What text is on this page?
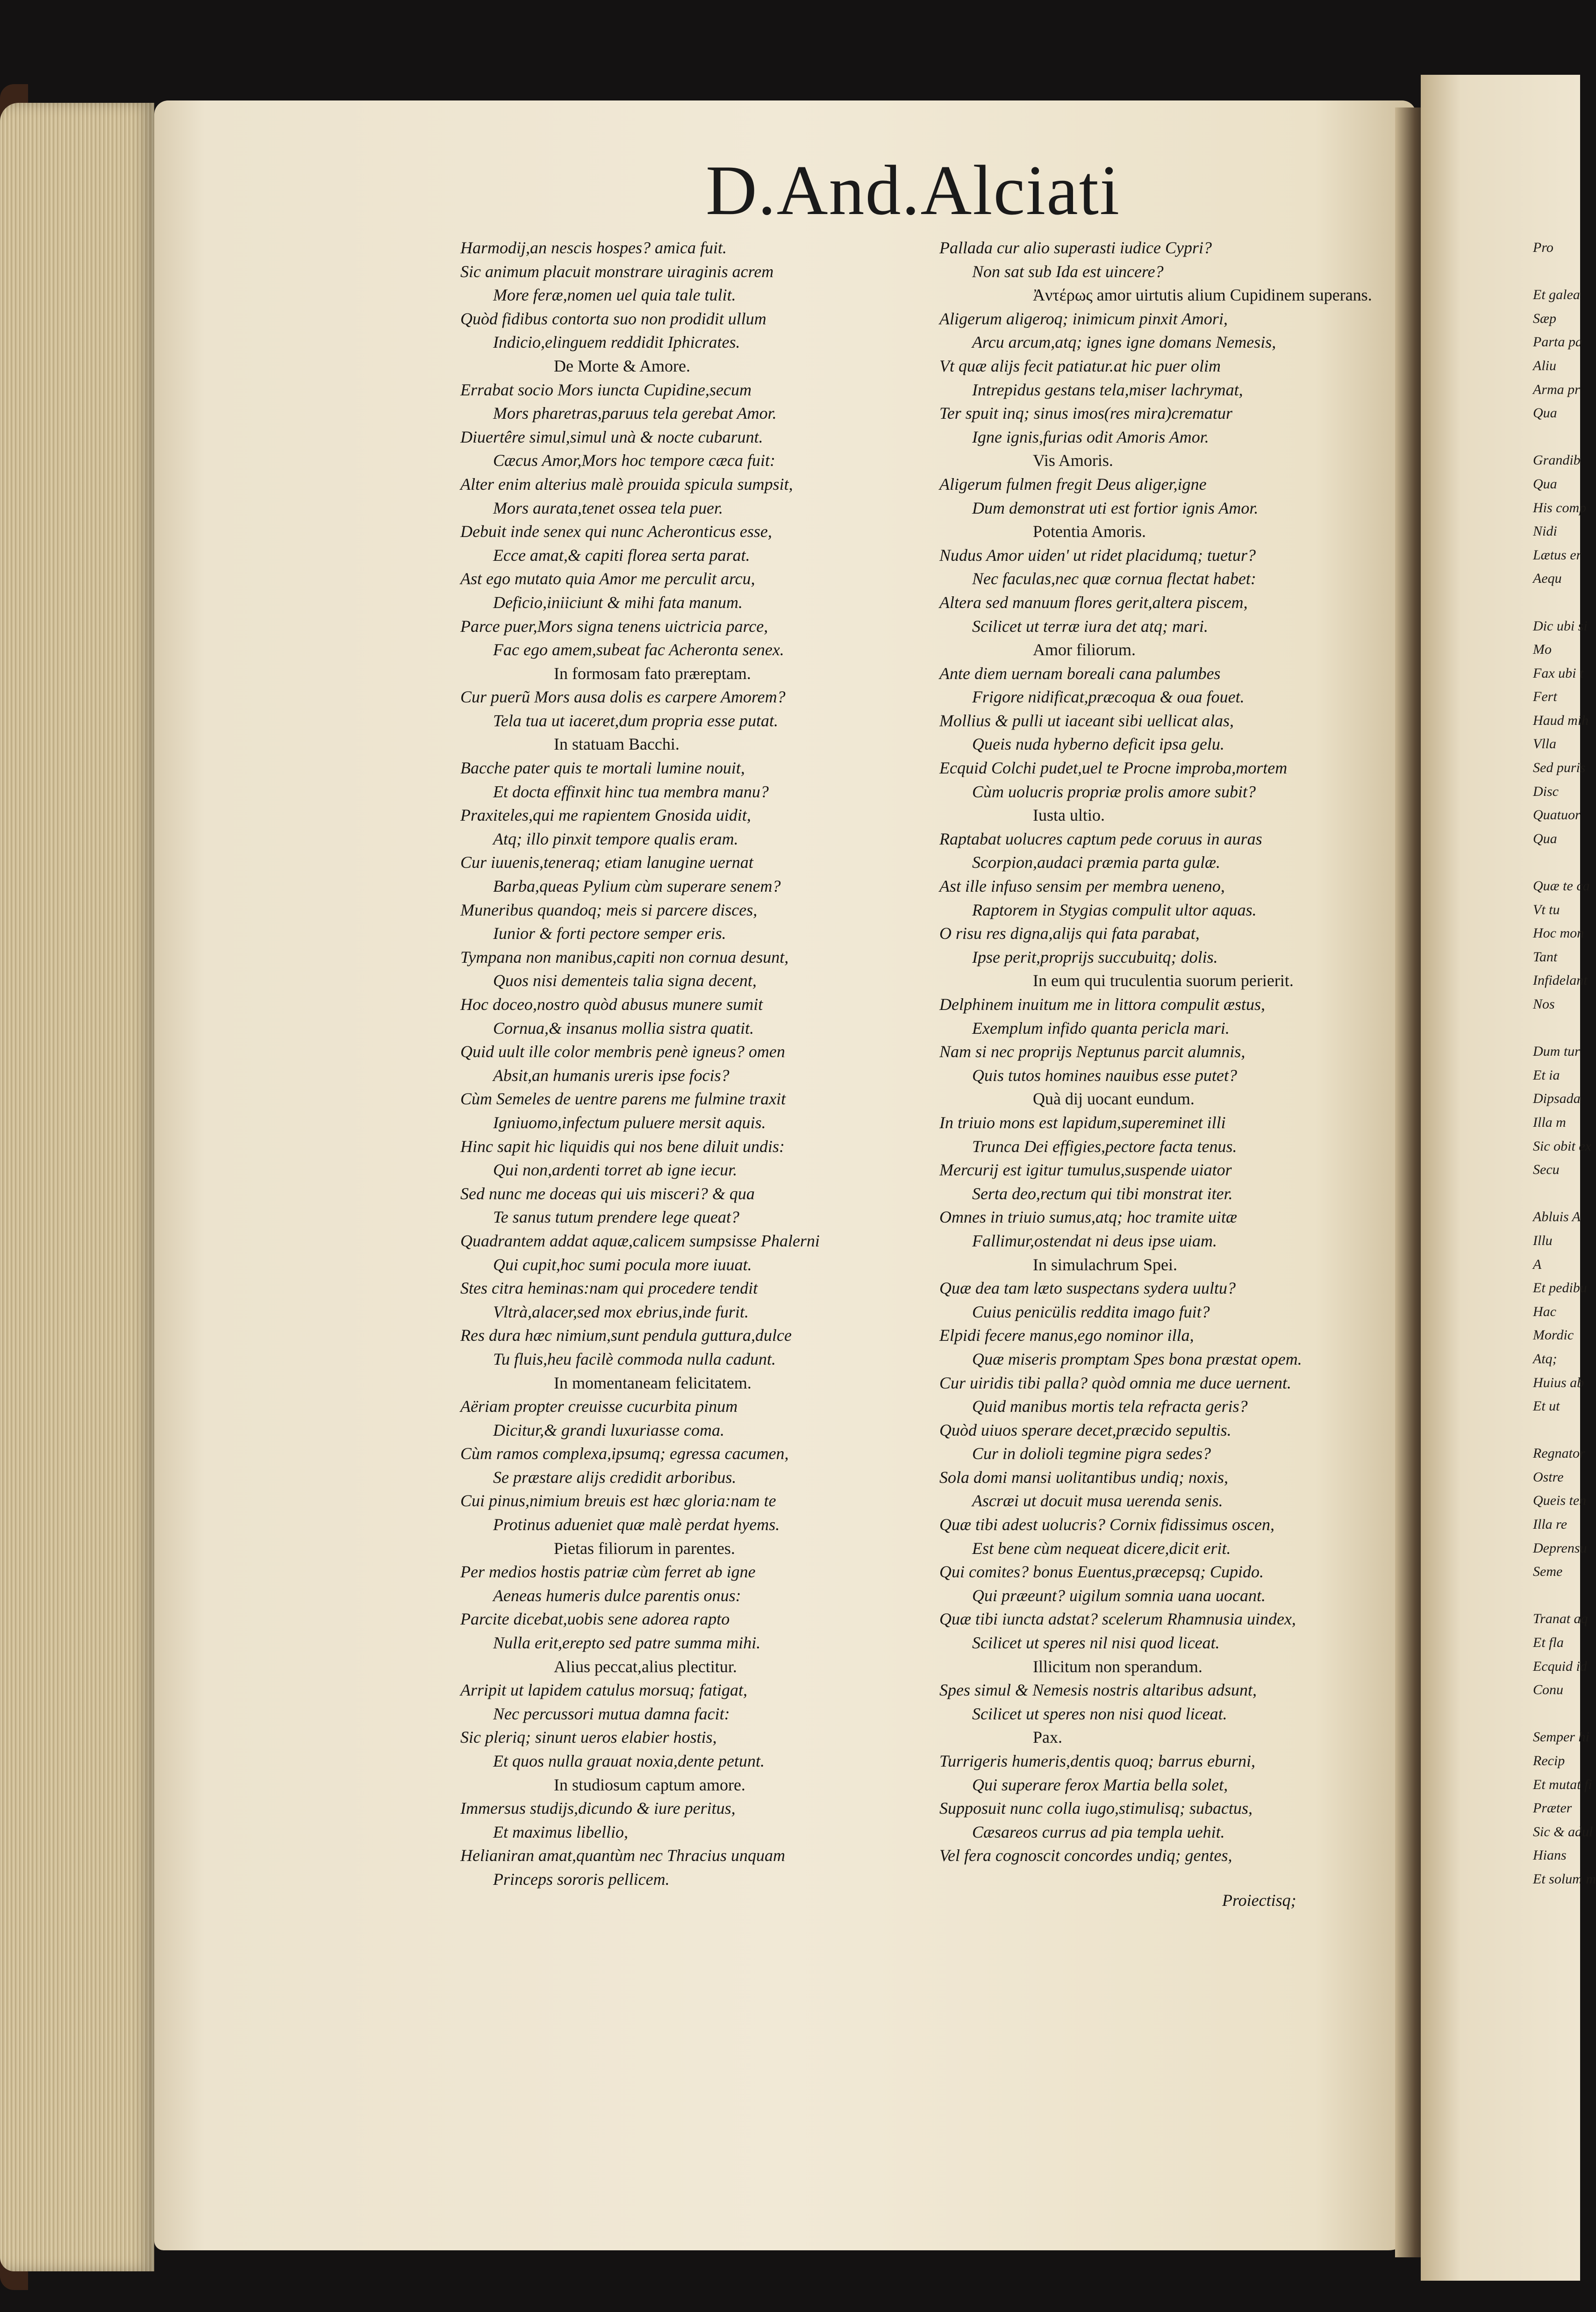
D.And.Alciati
Harmodij,an nescis hospes? amica fuit.
Sic animum placuit monstrare uiraginis acrem
More feræ,nomen uel quia tale tulit.
Quòd fidibus contorta suo non prodidit ullum
Indicio,elinguem reddidit Iphicrates.
De Morte & Amore.
Errabat socio Mors iuncta Cupidine,secum
Mors pharetras,paruus tela gerebat Amor.
Diuertêre simul,simul unà & nocte cubarunt.
Cæcus Amor,Mors hoc tempore cæca fuit:
Alter enim alterius malè prouida spicula sumpsit,
Mors aurata,tenet ossea tela puer.
Debuit inde senex qui nunc Acheronticus esse,
Ecce amat,& capiti florea serta parat.
Ast ego mutato quia Amor me perculit arcu,
Deficio,iniiciunt & mihi fata manum.
Parce puer,Mors signa tenens uictricia parce,
Fac ego amem,subeat fac Acheronta senex.
In formosam fato præreptam.
Cur puerũ Mors ausa dolis es carpere Amorem?
Tela tua ut iaceret,dum propria esse putat.
In statuam Bacchi.
Bacche pater quis te mortali lumine nouit,
Et docta effinxit hinc tua membra manu?
Praxiteles,qui me rapientem Gnosida uidit,
Atq; illo pinxit tempore qualis eram.
Cur iuuenis,teneraq; etiam lanugine uernat
Barba,queas Pylium cùm superare senem?
Muneribus quandoq; meis si parcere disces,
Iunior & forti pectore semper eris.
Tympana non manibus,capiti non cornua desunt,
Quos nisi dementeis talia signa decent,
Hoc doceo,nostro quòd abusus munere sumit
Cornua,& insanus mollia sistra quatit.
Quid uult ille color membris penè igneus? omen
Absit,an humanis ureris ipse focis?
Cùm Semeles de uentre parens me fulmine traxit
Igniuomo,infectum puluere mersit aquis.
Hinc sapit hic liquidis qui nos bene diluit undis:
Qui non,ardenti torret ab igne iecur.
Sed nunc me doceas qui uis misceri? & qua
Te sanus tutum prendere lege queat?
Quadrantem addat aquæ,calicem sumpsisse Phalerni
Qui cupit,hoc sumi pocula more iuuat.
Stes citra heminas:nam qui procedere tendit
Vltrà,alacer,sed mox ebrius,inde furit.
Res dura hæc nimium,sunt pendula guttura,dulce
Tu fluis,heu facilè commoda nulla cadunt.
In momentaneam felicitatem.
Aëriam propter creuisse cucurbita pinum
Dicitur,& grandi luxuriasse coma.
Cùm ramos complexa,ipsumq; egressa cacumen,
Se præstare alijs credidit arboribus.
Cui pinus,nimium breuis est hæc gloria:nam te
Protinus adueniet quæ malè perdat hyems.
Pietas filiorum in parentes.
Per medios hostis patriæ cùm ferret ab igne
Aeneas humeris dulce parentis onus:
Parcite dicebat,uobis sene adorea rapto
Nulla erit,erepto sed patre summa mihi.
Alius peccat,alius plectitur.
Arripit ut lapidem catulus morsuq; fatigat,
Nec percussori mutua damna facit:
Sic pleriq; sinunt ueros elabier hostis,
Et quos nulla grauat noxia,dente petunt.
In studiosum captum amore.
Immersus studijs,dicundo & iure peritus,
Et maximus libellio,
Helianiran amat,quantùm nec Thracius unquam
Princeps sororis pellicem.
Pallada cur alio superasti iudice Cypri?
Non sat sub Ida est uincere?
Ἀντέρως amor uirtutis alium Cupidinem superans.
Aligerum aligeroq; inimicum pinxit Amori,
Arcu arcum,atq; ignes igne domans Nemesis,
Vt quæ alijs fecit patiatur.at hic puer olim
Intrepidus gestans tela,miser lachrymat,
Ter spuit inq; sinus imos(res mira)crematur
Igne ignis,furias odit Amoris Amor.
Vis Amoris.
Aligerum fulmen fregit Deus aliger,igne
Dum demonstrat uti est fortior ignis Amor.
Potentia Amoris.
Nudus Amor uiden' ut ridet placidumq; tuetur?
Nec faculas,nec quæ cornua flectat habet:
Altera sed manuum flores gerit,altera piscem,
Scilicet ut terræ iura det atq; mari.
Amor filiorum.
Ante diem uernam boreali cana palumbes
Frigore nidificat,præcoqua & oua fouet.
Mollius & pulli ut iaceant sibi uellicat alas,
Queis nuda hyberno deficit ipsa gelu.
Ecquid Colchi pudet,uel te Procne improba,mortem
Cùm uolucris propriæ prolis amore subit?
Iusta ultio.
Raptabat uolucres captum pede coruus in auras
Scorpion,audaci præmia parta gulæ.
Ast ille infuso sensim per membra ueneno,
Raptorem in Stygias compulit ultor aquas.
O risu res digna,alijs qui fata parabat,
Ipse perit,proprijs succubuitq; dolis.
In eum qui truculentia suorum perierit.
Delphinem inuitum me in littora compulit æstus,
Exemplum infido quanta pericla mari.
Nam si nec proprijs Neptunus parcit alumnis,
Quis tutos homines nauibus esse putet?
Quà dij uocant eundum.
In triuio mons est lapidum,supereminet illi
Trunca Dei effigies,pectore facta tenus.
Mercurij est igitur tumulus,suspende uiator
Serta deo,rectum qui tibi monstrat iter.
Omnes in triuio sumus,atq; hoc tramite uitæ
Fallimur,ostendat ni deus ipse uiam.
In simulachrum Spei.
Quæ dea tam læto suspectans sydera uultu?
Cuius penicülis reddita imago fuit?
Elpidi fecere manus,ego nominor illa,
Quæ miseris promptam Spes bona præstat opem.
Cur uiridis tibi palla? quòd omnia me duce uernent.
Quid manibus mortis tela refracta geris?
Quòd uiuos sperare decet,præcido sepultis.
Cur in dolioli tegmine pigra sedes?
Sola domi mansi uolitantibus undiq; noxis,
Ascræi ut docuit musa uerenda senis.
Quæ tibi adest uolucris? Cornix fidissimus oscen,
Est bene cùm nequeat dicere,dicit erit.
Qui comites? bonus Euentus,præcepsq; Cupido.
Qui præeunt? uigilum somnia uana uocant.
Quæ tibi iuncta adstat? scelerum Rhamnusia uindex,
Scilicet ut speres nil nisi quod liceat.
Illicitum non sperandum.
Spes simul & Nemesis nostris altaribus adsunt,
Scilicet ut speres non nisi quod liceat.
Pax.
Turrigeris humeris,dentis quoq; barrus eburni,
Qui superare ferox Martia bella solet,
Supposuit nunc colla iugo,stimulisq; subactus,
Cæsareos currus ad pia templa uehit.
Vel fera cognoscit concordes undiq; gentes,
Proiectisq;
Pro
Et galea
Sæp
Parta pa
Aliu
Arma pr
Qua
Grandib
Qua
His comp
Nidi
Lætus er
Aequ
Dic ubi si
Mo
Fax ubi t
Fert
Haud mih
Vlla
Sed puris
Disc
Quatuor
Qua
Quæ te ca
Vt tu
Hoc mon
Tant
Infidelant
Nos
Dum tur
Et ia
Dipsada
Illa m
Sic obit ex
Secu
Abluis A
Illu
A
Et pedibu
Hac
Mordic
Atq;
Huius ab
Et ut
Regnator
Ostre
Queis ten
Illa re
Deprensu
Seme
Tranat aq
Et fla
Ecquid id
Conu
Semper hi
Recip
Et mutat fi
Præter
Sic & adul
Hians
Et solum m
